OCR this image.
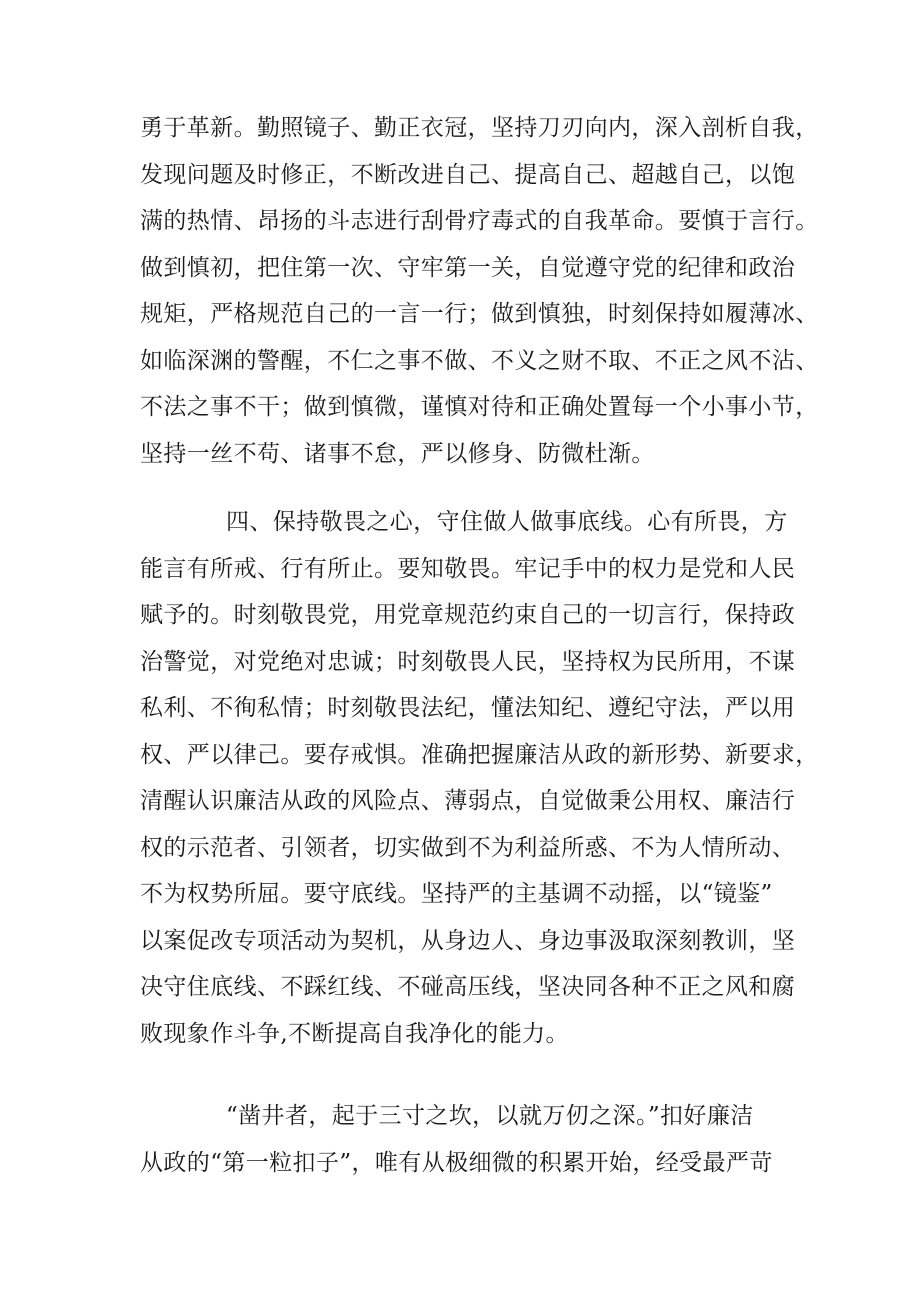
勇于革新。勤照镜子、勤正衣冠，坚持刀刃向内，深入剖析自我，
发现问题及时修正，不断改进自己、提高自己、超越自己，以饱
满的热情、昂扬的斗志进行刮骨疗毒式的自我革命。要慎于言行。
做到慎初，把住第一次、守牢第一关，自觉遵守党的纪律和政治
规矩，严格规范自己的一言一行；做到慎独，时刻保持如履薄冰、
如临深渊的警醒，不仁之事不做、不义之财不取、不正之风不沾、
不法之事不干；做到慎微，谨慎对待和正确处置每一个小事小节，
坚持一丝不苟、诸事不怠，严以修身、防微杜渐。
四、保持敬畏之心，守住做人做事底线。心有所畏，方
能言有所戒、行有所止。要知敬畏。牢记手中的权力是党和人民
赋予的。时刻敬畏党，用党章规范约束自己的一切言行，保持政
治警觉，对党绝对忠诚；时刻敬畏人民，坚持权为民所用，不谋
私利、不徇私情；时刻敬畏法纪，懂法知纪、遵纪守法，严以用
权、严以律己。要存戒惧。准确把握廉洁从政的新形势、新要求，
清醒认识廉洁从政的风险点、薄弱点，自觉做秉公用权、廉洁行
权的示范者、引领者，切实做到不为利益所惑、不为人情所动、
不为权势所屈。要守底线。坚持严的主基调不动摇，以“镜鉴”
以案促改专项活动为契机，从身边人、身边事汲取深刻教训，坚
决守住底线、不踩红线、不碰高压线，坚决同各种不正之风和腐
败现象作斗争,不断提高自我净化的能力。
“凿井者，起于三寸之坎，以就万仞之深。”扣好廉洁
从政的“第一粒扣子”，唯有从极细微的积累开始，经受最严苛
